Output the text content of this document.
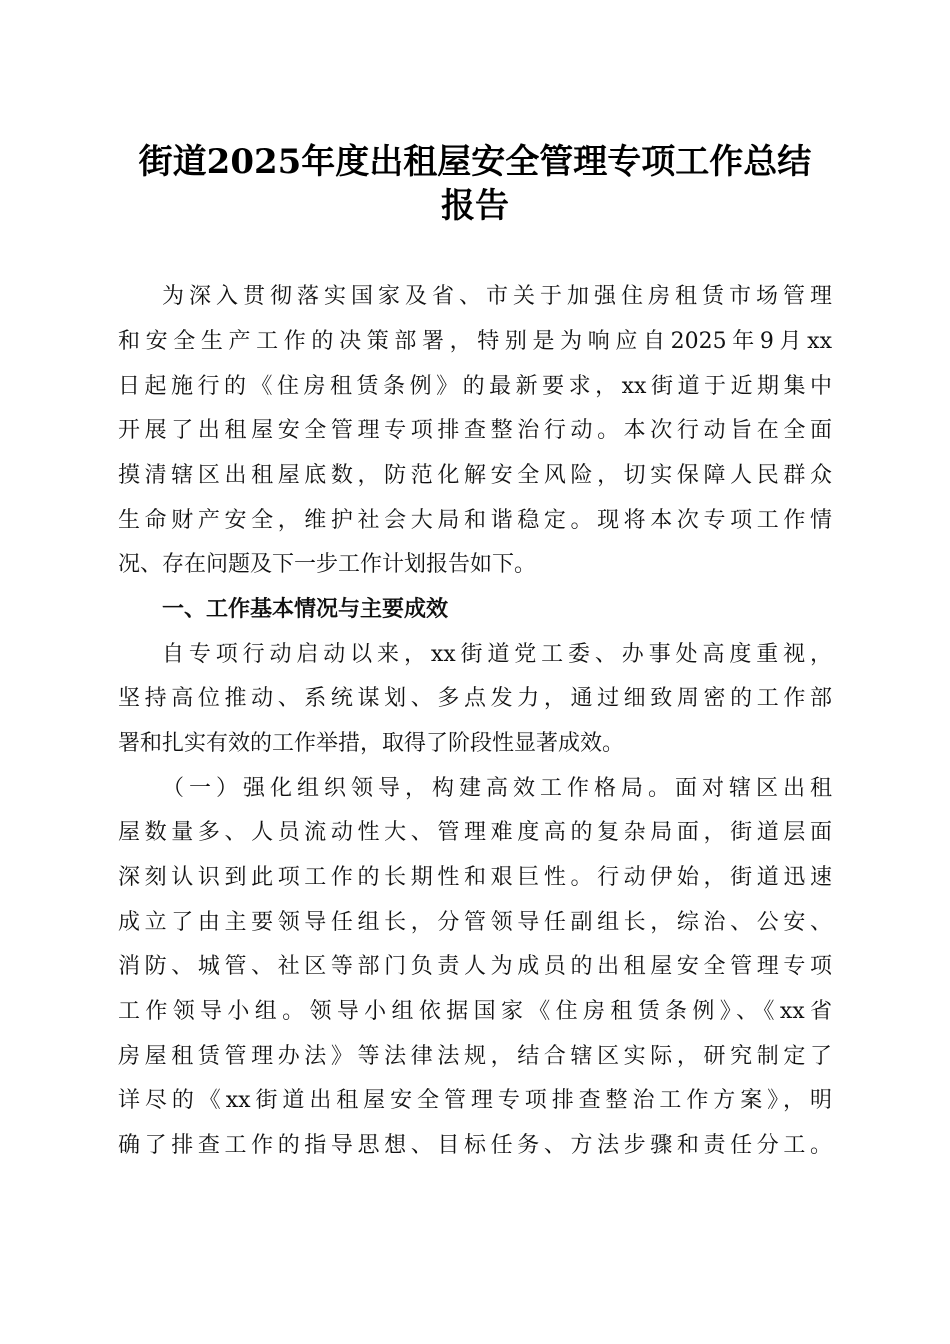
街道2025年度出租屋安全管理专项工作总结
报告
为深入贯彻落实国家及省、市关于加强住房租赁市场管理
和安全生产工作的决策部署，特别是为响应自2025年9月xx
日起施行的《住房租赁条例》的最新要求，xx街道于近期集中
开展了出租屋安全管理专项排查整治行动。本次行动旨在全面
摸清辖区出租屋底数，防范化解安全风险，切实保障人民群众
生命财产安全，维护社会大局和谐稳定。现将本次专项工作情
况、存在问题及下一步工作计划报告如下。
一、工作基本情况与主要成效
自专项行动启动以来，xx街道党工委、办事处高度重视，
坚持高位推动、系统谋划、多点发力，通过细致周密的工作部
署和扎实有效的工作举措，取得了阶段性显著成效。
（一）强化组织领导，构建高效工作格局。面对辖区出租
屋数量多、人员流动性大、管理难度高的复杂局面，街道层面
深刻认识到此项工作的长期性和艰巨性。行动伊始，街道迅速
成立了由主要领导任组长，分管领导任副组长，综治、公安、
消防、城管、社区等部门负责人为成员的出租屋安全管理专项
工作领导小组。领导小组依据国家《住房租赁条例》、《xx省
房屋租赁管理办法》等法律法规，结合辖区实际，研究制定了
详尽的《xx街道出租屋安全管理专项排查整治工作方案》，明
确了排查工作的指导思想、目标任务、方法步骤和责任分工。
